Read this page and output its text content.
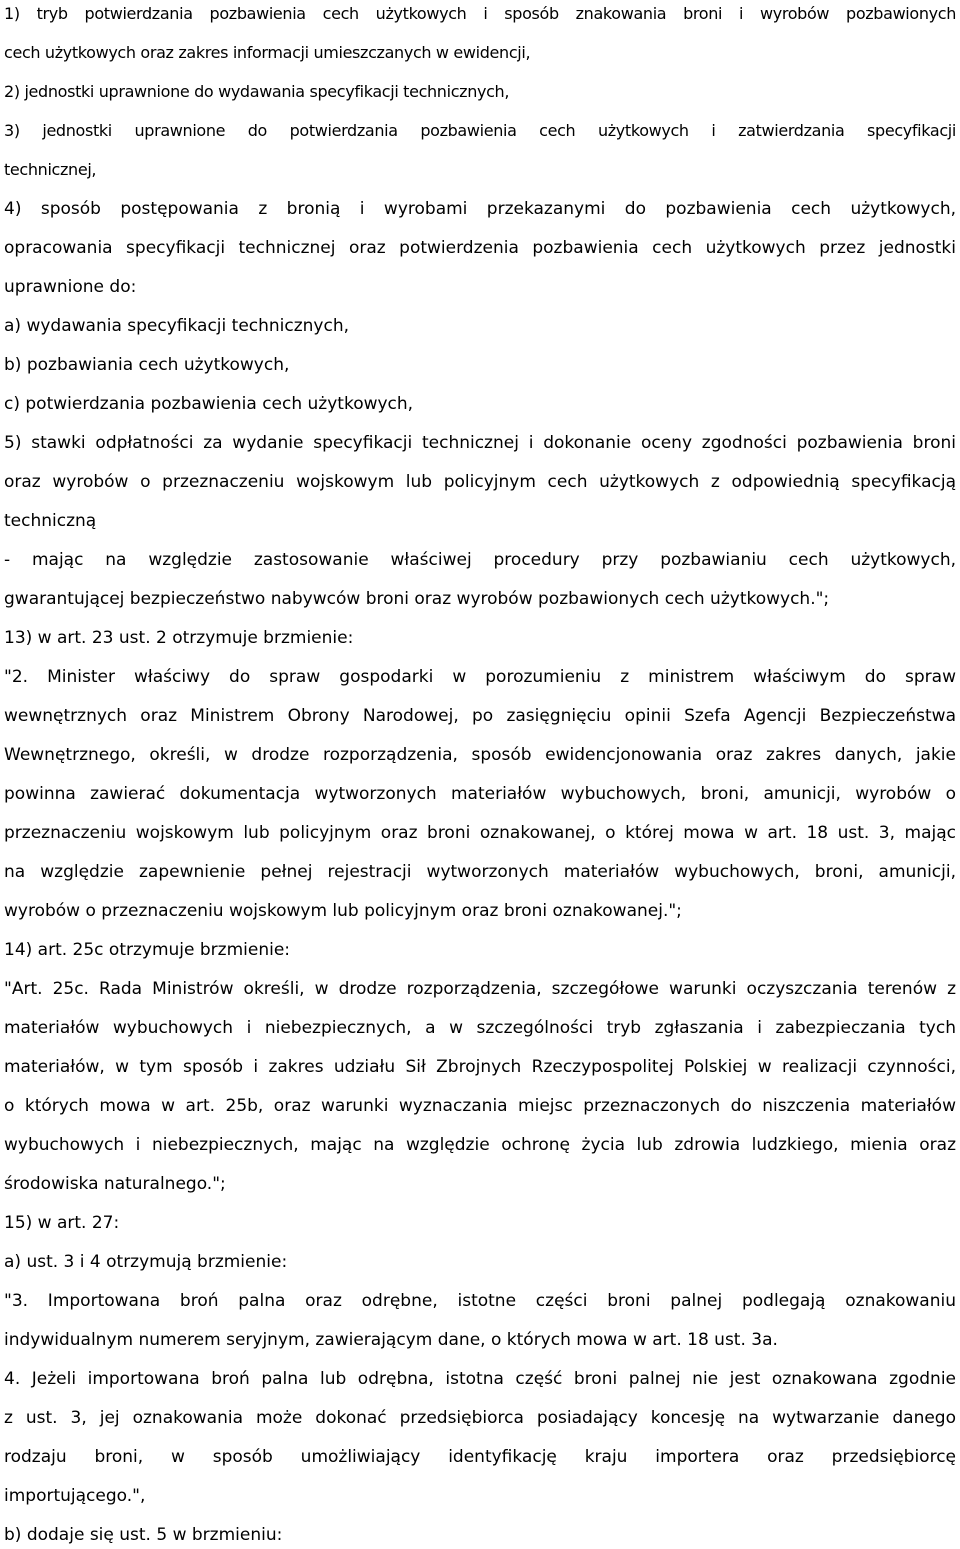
1) tryb potwierdzania pozbawienia cech użytkowych i sposób znakowania broni i wyrobów pozbawionych
cech użytkowych oraz zakres informacji umieszczanych w ewidencji,
2) jednostki uprawnione do wydawania specyfikacji technicznych,
3) jednostki uprawnione do potwierdzania pozbawienia cech użytkowych i zatwierdzania specyfikacji
technicznej,
4) sposób postępowania z bronią i wyrobami przekazanymi do pozbawienia cech użytkowych,
opracowania specyfikacji technicznej oraz potwierdzenia pozbawienia cech użytkowych przez jednostki
uprawnione do:
a) wydawania specyfikacji technicznych,
b) pozbawiania cech użytkowych,
c) potwierdzania pozbawienia cech użytkowych,
5) stawki odpłatności za wydanie specyfikacji technicznej i dokonanie oceny zgodności pozbawienia broni
oraz wyrobów o przeznaczeniu wojskowym lub policyjnym cech użytkowych z odpowiednią specyfikacją
techniczną
- mając na względzie zastosowanie właściwej procedury przy pozbawianiu cech użytkowych,
gwarantującej bezpieczeństwo nabywców broni oraz wyrobów pozbawionych cech użytkowych.";
13) w art. 23 ust. 2 otrzymuje brzmienie:
"2. Minister właściwy do spraw gospodarki w porozumieniu z ministrem właściwym do spraw
wewnętrznych oraz Ministrem Obrony Narodowej, po zasięgnięciu opinii Szefa Agencji Bezpieczeństwa
Wewnętrznego, określi, w drodze rozporządzenia, sposób ewidencjonowania oraz zakres danych, jakie
powinna zawierać dokumentacja wytworzonych materiałów wybuchowych, broni, amunicji, wyrobów o
przeznaczeniu wojskowym lub policyjnym oraz broni oznakowanej, o której mowa w art. 18 ust. 3, mając
na względzie zapewnienie pełnej rejestracji wytworzonych materiałów wybuchowych, broni, amunicji,
wyrobów o przeznaczeniu wojskowym lub policyjnym oraz broni oznakowanej.";
14) art. 25c otrzymuje brzmienie:
"Art. 25c. Rada Ministrów określi, w drodze rozporządzenia, szczegółowe warunki oczyszczania terenów z
materiałów wybuchowych i niebezpiecznych, a w szczególności tryb zgłaszania i zabezpieczania tych
materiałów, w tym sposób i zakres udziału Sił Zbrojnych Rzeczypospolitej Polskiej w realizacji czynności,
o których mowa w art. 25b, oraz warunki wyznaczania miejsc przeznaczonych do niszczenia materiałów
wybuchowych i niebezpiecznych, mając na względzie ochronę życia lub zdrowia ludzkiego, mienia oraz
środowiska naturalnego.";
15) w art. 27:
a) ust. 3 i 4 otrzymują brzmienie:
"3. Importowana broń palna oraz odrębne, istotne części broni palnej podlegają oznakowaniu
indywidualnym numerem seryjnym, zawierającym dane, o których mowa w art. 18 ust. 3a.
4. Jeżeli importowana broń palna lub odrębna, istotna część broni palnej nie jest oznakowana zgodnie
z ust. 3, jej oznakowania może dokonać przedsiębiorca posiadający koncesję na wytwarzanie danego
rodzaju broni, w sposób umożliwiający identyfikację kraju importera oraz przedsiębiorcę
importującego.",
b) dodaje się ust. 5 w brzmieniu:
